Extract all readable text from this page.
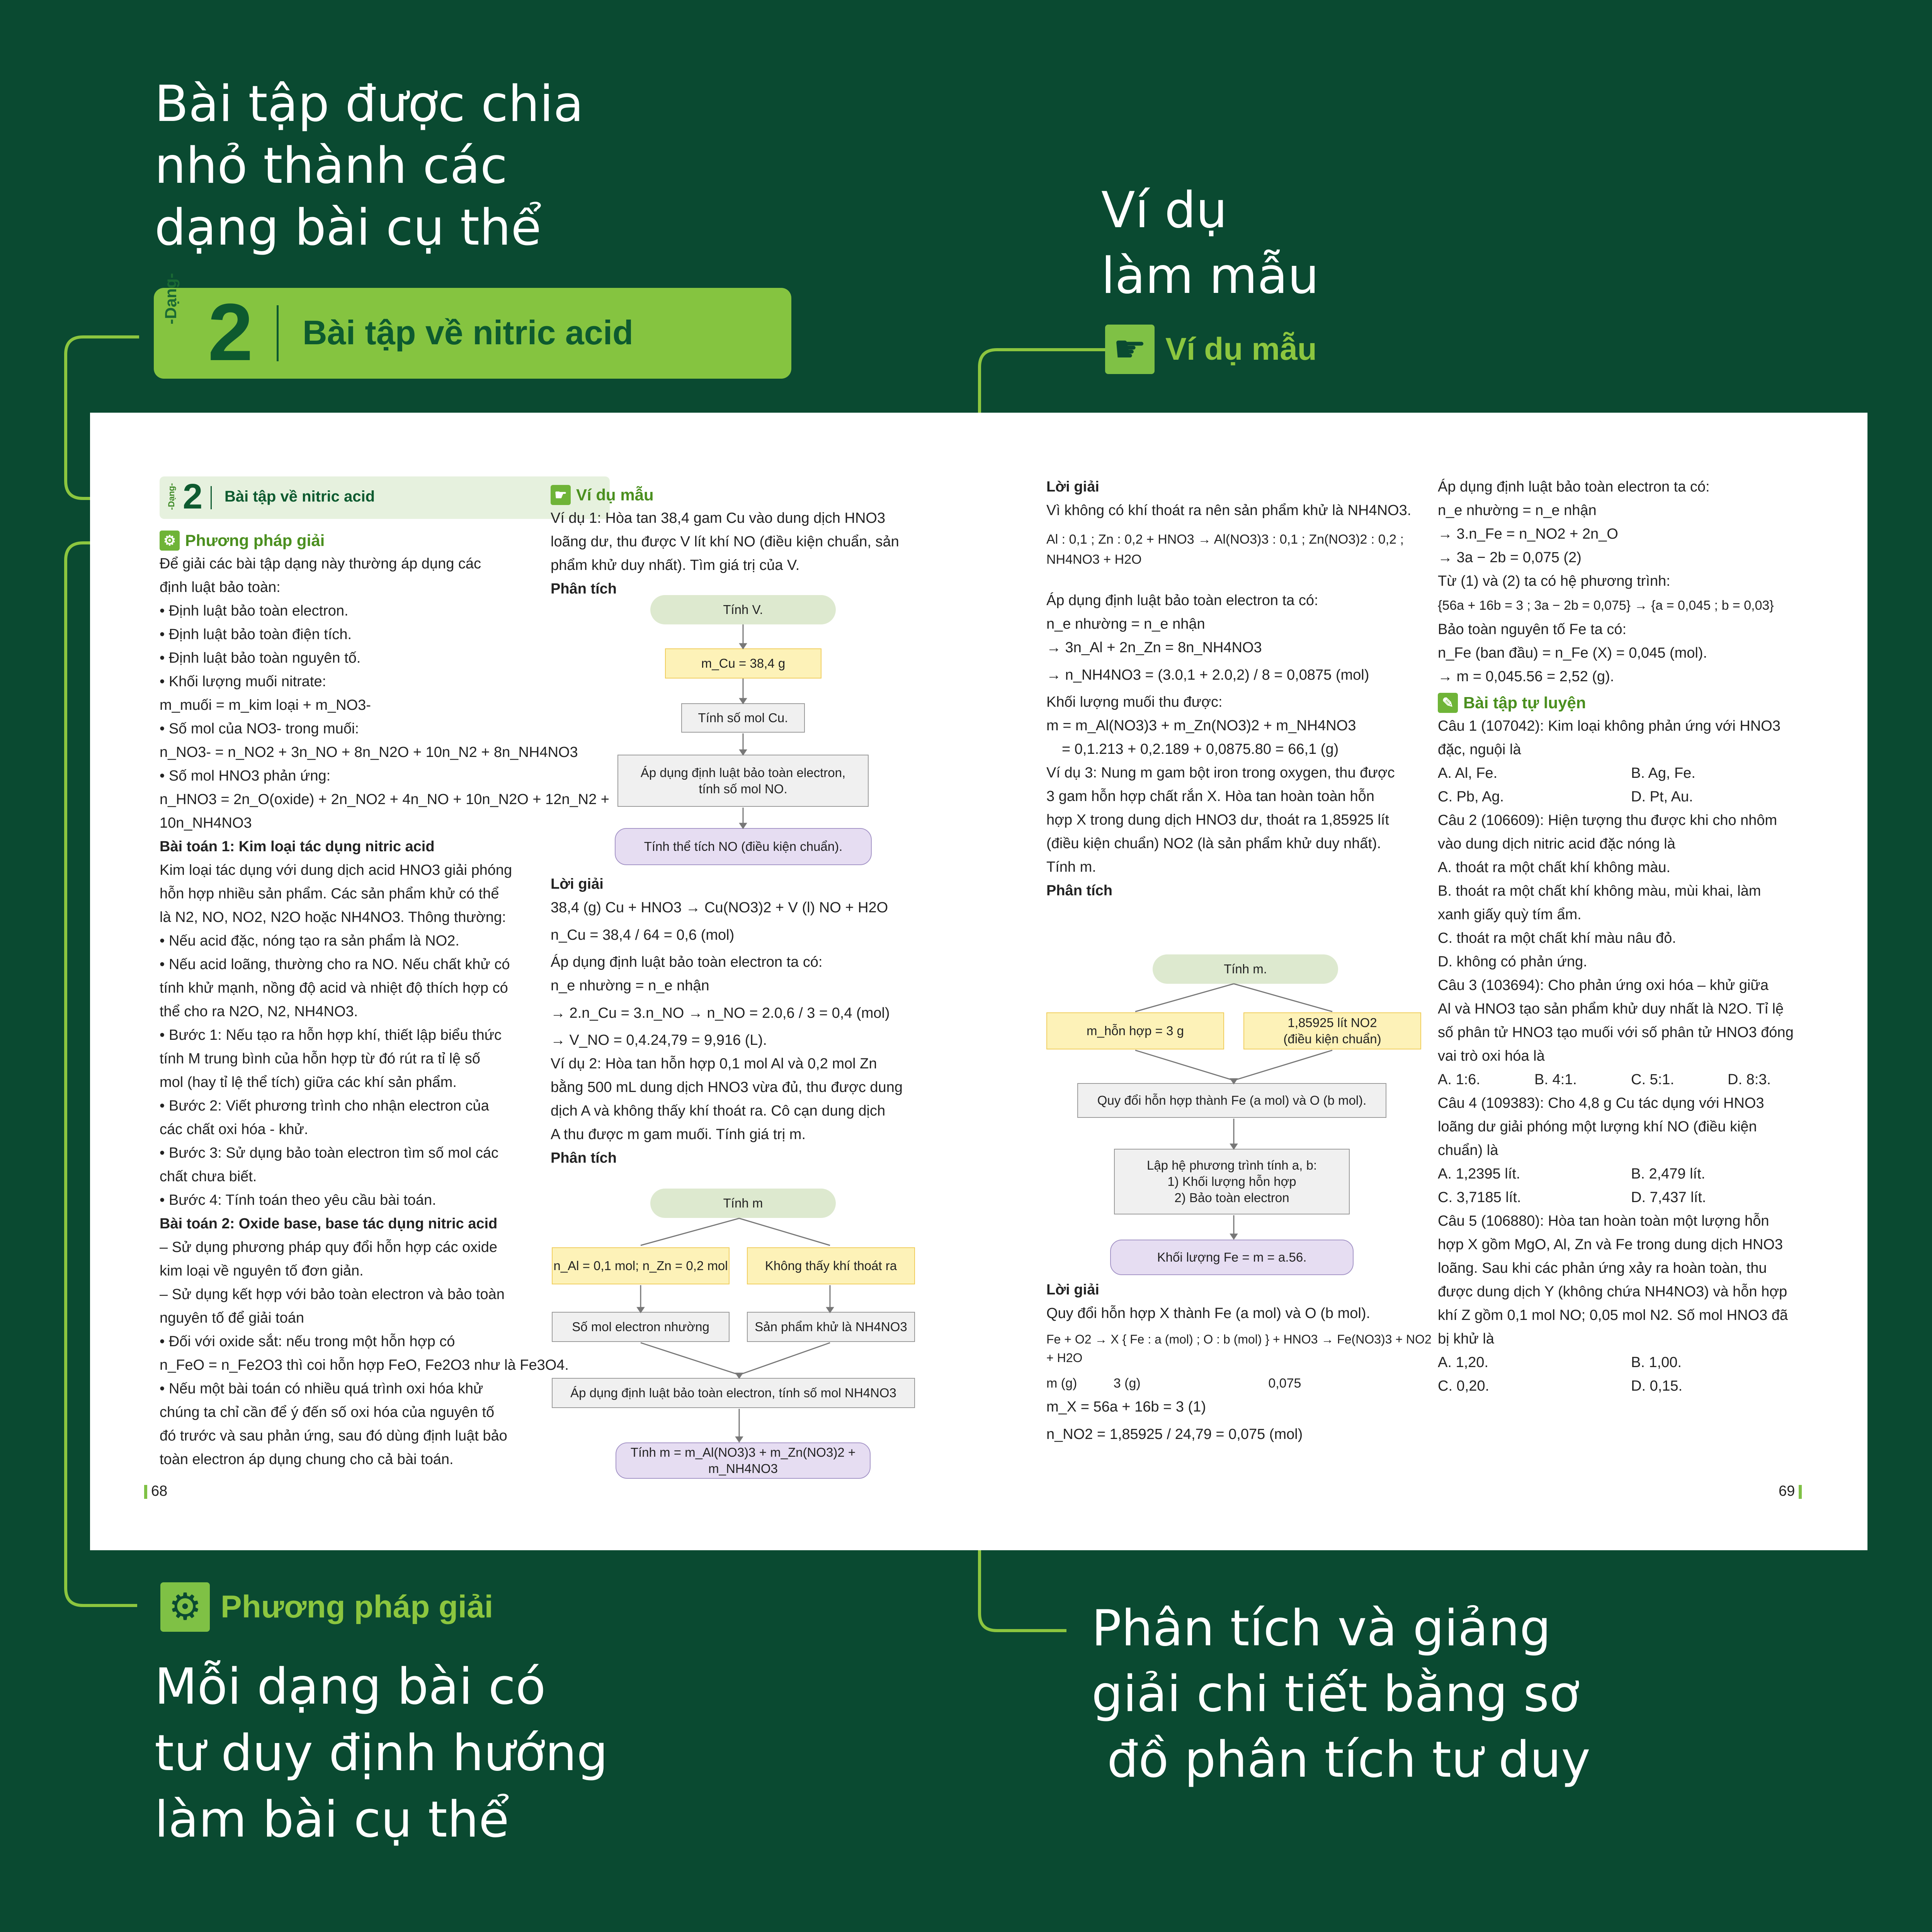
Bài tập được chia
nhỏ thành các
dạng bài cụ thể
-Dạng- 2 Bài tập về nitric acid
Ví dụ
làm mẫu
☛ Ví dụ mẫu
-Dạng- 2 Bài tập về nitric acid

⚙ Phương pháp giải

Để giải các bài tập dạng này thường áp dụng các

định luật bảo toàn:

• Định luật bảo toàn electron.

• Định luật bảo toàn điện tích.

• Định luật bảo toàn nguyên tố.

• Khối lượng muối nitrate:

m_muối = m_kim loại + m_NO3-

• Số mol của NO3- trong muối:

n_NO3- = n_NO2 + 3n_NO + 8n_N2O + 10n_N2 + 8n_NH4NO3

• Số mol HNO3 phản ứng:

n_HNO3 = 2n_O(oxide) + 2n_NO2 + 4n_NO + 10n_N2O + 12n_N2 + 10n_NH4NO3

Bài toán 1: Kim loại tác dụng nitric acid

Kim loại tác dụng với dung dịch acid HNO3 giải phóng

hỗn hợp nhiều sản phẩm. Các sản phẩm khử có thể

là N2, NO, NO2, N2O hoặc NH4NO3. Thông thường:

• Nếu acid đặc, nóng tạo ra sản phẩm là NO2.

• Nếu acid loãng, thường cho ra NO. Nếu chất khử có

tính khử mạnh, nồng độ acid và nhiệt độ thích hợp có

thể cho ra N2O, N2, NH4NO3.

• Bước 1: Nếu tạo ra hỗn hợp khí, thiết lập biểu thức

tính M trung bình của hỗn hợp từ đó rút ra tỉ lệ số

mol (hay tỉ lệ thể tích) giữa các khí sản phẩm.

• Bước 2: Viết phương trình cho nhận electron của

các chất oxi hóa - khử.

• Bước 3: Sử dụng bảo toàn electron tìm số mol các

chất chưa biết.

• Bước 4: Tính toán theo yêu cầu bài toán.

Bài toán 2: Oxide base, base tác dụng nitric acid

– Sử dụng phương pháp quy đổi hỗn hợp các oxide

kim loại về nguyên tố đơn giản.

– Sử dụng kết hợp với bảo toàn electron và bảo toàn

nguyên tố để giải toán

• Đối với oxide sắt: nếu trong một hỗn hợp có

n_FeO = n_Fe2O3 thì coi hỗn hợp FeO, Fe2O3 như là Fe3O4.

• Nếu một bài toán có nhiều quá trình oxi hóa khử

chúng ta chỉ cần để ý đến số oxi hóa của nguyên tố

đó trước và sau phản ứng, sau đó dùng định luật bảo

toàn electron áp dụng chung cho cả bài toán.

68

☛ Ví dụ mẫu

Ví dụ 1: Hòa tan 38,4 gam Cu vào dung dịch HNO3

loãng dư, thu được V lít khí NO (điều kiện chuẩn, sản

phẩm khử duy nhất). Tìm giá trị của V.

Phân tích

Tính V.
m_Cu = 38,4 g
Tính số mol Cu.
Áp dụng định luật bảo toàn electron,
tính số mol NO.
Tính thể tích NO (điều kiện chuẩn).

Lời giải

38,4 (g) Cu + HNO3 → Cu(NO3)2 + V (l) NO + H2O

n_Cu = 38,4 / 64 = 0,6 (mol)

Áp dụng định luật bảo toàn electron ta có:

n_e nhường = n_e nhận

→ 2.n_Cu = 3.n_NO → n_NO = 2.0,6 / 3 = 0,4 (mol)

→ V_NO = 0,4.24,79 = 9,916 (L).

Ví dụ 2: Hòa tan hỗn hợp 0,1 mol Al và 0,2 mol Zn

bằng 500 mL dung dịch HNO3 vừa đủ, thu được dung

dịch A và không thấy khí thoát ra. Cô cạn dung dịch

A thu được m gam muối. Tính giá trị m.

Phân tích

Tính m
n_Al = 0,1 mol; n_Zn = 0,2 mol	Không thấy khí thoát ra
Số mol electron nhường	Sản phẩm khử là NH4NO3
Áp dụng định luật bảo toàn electron, tính số mol NH4NO3
Tính m = m_Al(NO3)3 + m_Zn(NO3)2 + m_NH4NO3

Lời giải

Vì không có khí thoát ra nên sản phẩm khử là NH4NO3.

Al : 0,1 ; Zn : 0,2 + HNO3 → Al(NO3)3 : 0,1 ; Zn(NO3)2 : 0,2 ; NH4NO3 + H2O

Áp dụng định luật bảo toàn electron ta có:

n_e nhường = n_e nhận

→ 3n_Al + 2n_Zn = 8n_NH4NO3

→ n_NH4NO3 = (3.0,1 + 2.0,2) / 8 = 0,0875 (mol)

Khối lượng muối thu được:

m = m_Al(NO3)3 + m_Zn(NO3)2 + m_NH4NO3

= 0,1.213 + 0,2.189 + 0,0875.80 = 66,1 (g)

Ví dụ 3: Nung m gam bột iron trong oxygen, thu được

3 gam hỗn hợp chất rắn X. Hòa tan hoàn toàn hỗn

hợp X trong dung dịch HNO3 dư, thoát ra 1,85925 lít

(điều kiện chuẩn) NO2 (là sản phẩm khử duy nhất).

Tính m.

Phân tích

Tính m.
m_hỗn hợp = 3 g
1,85925 lít NO2
(điều kiện chuẩn)
Quy đổi hỗn hợp thành Fe (a mol) và O (b mol).
Lập hệ phương trình tính a, b:
1) Khối lượng hỗn hợp
2) Bảo toàn electron
Khối lượng Fe = m = a.56.

Lời giải

Quy đổi hỗn hợp X thành Fe (a mol) và O (b mol).

Fe + O2 → X { Fe : a (mol) ; O : b (mol) } + HNO3 → Fe(NO3)3 + NO2 + H2O

m (g)          3 (g)                                   0,075

m_X = 56a + 16b = 3 (1)

n_NO2 = 1,85925 / 24,79 = 0,075 (mol)

Áp dụng định luật bảo toàn electron ta có:

n_e nhường = n_e nhận

→ 3.n_Fe = n_NO2 + 2n_O

→ 3a − 2b = 0,075 (2)

Từ (1) và (2) ta có hệ phương trình:

{56a + 16b = 3 ; 3a − 2b = 0,075} → {a = 0,045 ; b = 0,03}

Bảo toàn nguyên tố Fe ta có:

n_Fe (ban đầu) = n_Fe (X) = 0,045 (mol).

→ m = 0,045.56 = 2,52 (g).

✎ Bài tập tự luyện

Câu 1 (107042): Kim loại không phản ứng với HNO3

đặc, nguội là

A. Al, Fe.	B. Ag, Fe.

C. Pb, Ag.	D. Pt, Au.

Câu 2 (106609): Hiện tượng thu được khi cho nhôm

vào dung dịch nitric acid đặc nóng là

A. thoát ra một chất khí không màu.

B. thoát ra một chất khí không màu, mùi khai, làm

xanh giấy quỳ tím ẩm.

C. thoát ra một chất khí màu nâu đỏ.

D. không có phản ứng.

Câu 3 (103694): Cho phản ứng oxi hóa – khử giữa

Al và HNO3 tạo sản phẩm khử duy nhất là N2O. Tỉ lệ

số phân tử HNO3 tạo muối với số phân tử HNO3 đóng

vai trò oxi hóa là

A. 1:6.	B. 4:1.	C. 5:1.	D. 8:3.

Câu 4 (109383): Cho 4,8 g Cu tác dụng với HNO3

loãng dư giải phóng một lượng khí NO (điều kiện

chuẩn) là

A. 1,2395 lít.	B. 2,479 lít.

C. 3,7185 lít.	D. 7,437 lít.

Câu 5 (106880): Hòa tan hoàn toàn một lượng hỗn

hợp X gồm MgO, Al, Zn và Fe trong dung dịch HNO3

loãng. Sau khi các phản ứng xảy ra hoàn toàn, thu

được dung dịch Y (không chứa NH4NO3) và hỗn hợp

khí Z gồm 0,1 mol NO; 0,05 mol N2. Số mol HNO3 đã

bị khử là

A. 1,20.	B. 1,00.

C. 0,20.	D. 0,15.

69
⚙ Phương pháp giải
Mỗi dạng bài có
tư duy định hướng
làm bài cụ thể
Phân tích và giảng
giải chi tiết bằng sơ
đồ phân tích tư duy
